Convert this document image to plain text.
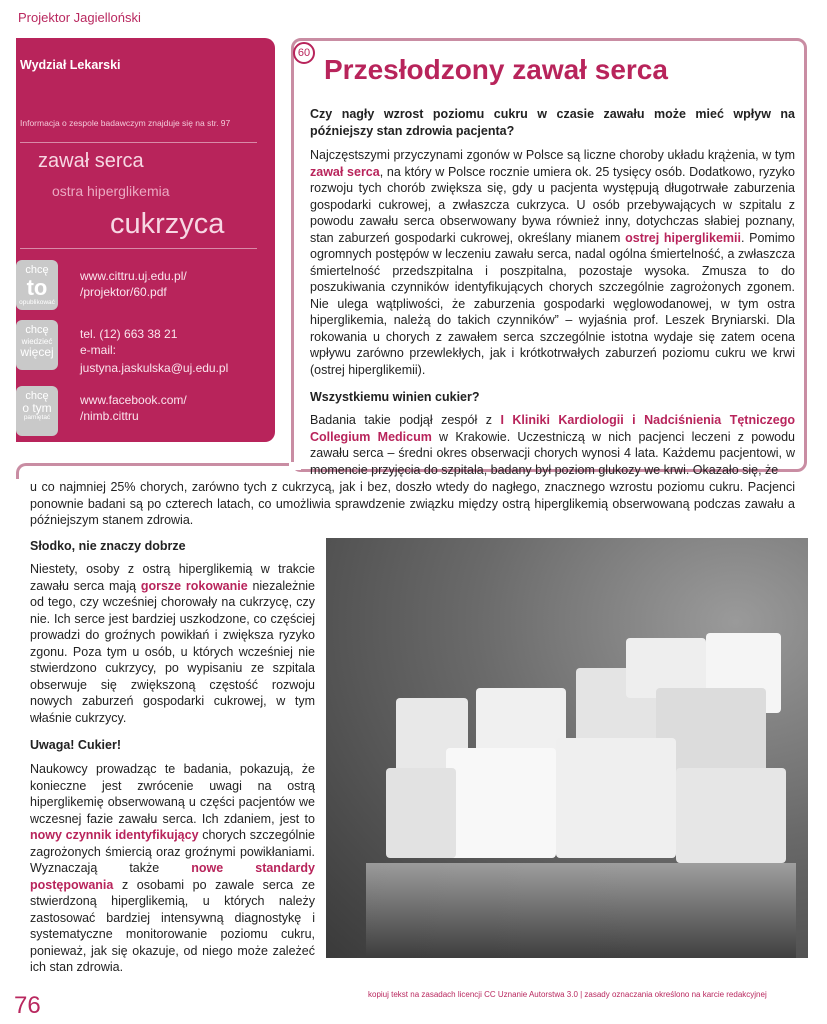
Projektor Jagielloński
Wydział Lekarski
Informacja o zespole badawczym znajduje się na str. 97
zawał serca
ostra hiperglikemia
cukrzyca
chcę
to
opublikować
www.cittru.uj.edu.pl/
/projektor/60.pdf
chcę
wiedzieć
więcej
tel. (12) 663 38 21
e-mail:
justyna.jaskulska@uj.edu.pl
chcę
o tym
pamiętać
www.facebook.com/
/nimb.cittru
60
Przesłodzony zawał serca
Czy nagły wzrost poziomu cukru w czasie zawału może mieć wpływ na późniejszy stan zdrowia pacjenta?
Najczęstszymi przyczynami zgonów w Polsce są liczne choroby układu krążenia, w tym zawał serca, na który w Polsce rocznie umiera ok. 25 tysięcy osób. Dodatkowo, ryzyko rozwoju tych chorób zwiększa się, gdy u pacjenta występują długotrwałe zaburzenia gospodarki cukrowej, a zwłaszcza cukrzyca. U osób przebywających w szpitalu z powodu zawału serca obserwowany bywa również inny, dotychczas słabiej poznany, stan zaburzeń gospodarki cukrowej, określany mianem ostrej hiperglikemii. Pomimo ogromnych postępów w leczeniu zawału serca, nadal ogólna śmiertelność, a zwłaszcza śmiertelność przedszpitalna i poszpitalna, pozostaje wysoka. Zmusza to do poszukiwania czynników identyfikujących chorych szczególnie zagrożonych zgonem. Nie ulega wątpliwości, że zaburzenia gospodarki węglowodanowej, w tym ostra hiperglikemia, należą do takich czynników” – wyjaśnia prof. Leszek Bryniarski. Dla rokowania u chorych z zawałem serca szczególnie istotna wydaje się zatem ocena wpływu zarówno przewlekłych, jak i krótkotrwałych zaburzeń poziomu cukru we krwi (ostrej hiperglikemii).
Wszystkiemu winien cukier?
Badania takie podjął zespół z I Kliniki Kardiologii i Nadciśnienia Tętniczego Collegium Medicum w Krakowie. Uczestniczą w nich pacjenci leczeni z powodu zawału serca – średni okres obserwacji chorych wynosi 4 lata. Każdemu pacjentowi, w momencie przyjęcia do szpitala, badany był poziom glukozy we krwi. Okazało się, że
u co najmniej 25% chorych, zarówno tych z cukrzycą, jak i bez, doszło wtedy do nagłego, znacznego wzrostu poziomu cukru. Pacjenci ponownie badani są po czterech latach, co umożliwia sprawdzenie związku między ostrą hiperglikemią obserwowaną podczas zawału a późniejszym stanem zdrowia.
Słodko, nie znaczy dobrze
Niestety, osoby z ostrą hiperglikemią w trakcie zawału serca mają gorsze rokowanie niezależnie od tego, czy wcześniej chorowały na cukrzycę, czy nie. Ich serce jest bardziej uszkodzone, co częściej prowadzi do groźnych powikłań i zwiększa ryzyko zgonu. Poza tym u osób, u których wcześniej nie stwierdzono cukrzycy, po wypisaniu ze szpitala obserwuje się zwiększoną częstość rozwoju nowych zaburzeń gospodarki cukrowej, w tym właśnie cukrzycy.
Uwaga! Cukier!
Naukowcy prowadząc te badania, pokazują, że konieczne jest zwrócenie uwagi na ostrą hiperglikemię obserwowaną u części pacjentów we wczesnej fazie zawału serca. Ich zdaniem, jest to nowy czynnik identyfikujący chorych szczególnie zagrożonych śmiercią oraz groźnymi powikłaniami. Wyznaczają także nowe standardy postępowania z osobami po zawale serca ze stwierdzoną hiperglikemią, u których należy zastosować bardziej intensywną diagnostykę i systematyczne monitorowanie poziomu cukru, ponieważ, jak się okazuje, od niego może zależeć ich stan zdrowia.
76	kopiuj tekst na zasadach licencji CC Uznanie Autorstwa 3.0 | zasady oznaczania określono na karcie redakcyjnej
